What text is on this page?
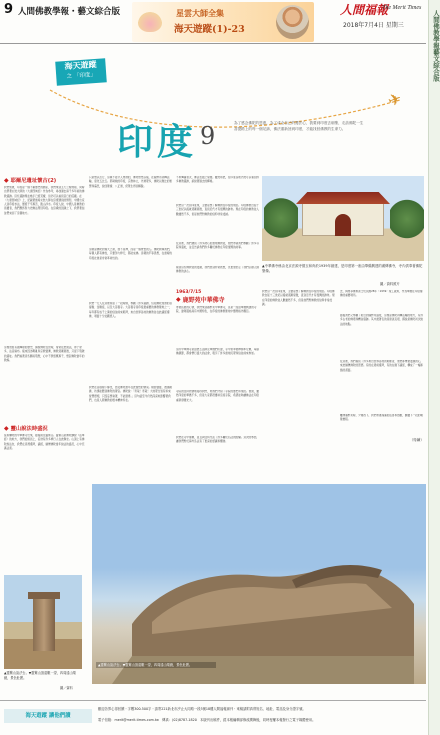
9 人間佛教學報・藝文綜合版	星雲大師全集
海天遊蹤(1)-23
人間福報
The Merit Times
2018年7月4日 星期三	人間佛教學報藝文綜合版
海天遊蹤
之 「印度」
✈
印度 9	為了感念佛陀的恩惠，為了成全自己的護法心，我要到印度去朝聖，走訪佛陀一生菩提路上的每一個足跡，佛法重新回到印度，才能找回佛教的生命力。
◆ 耶爾尼遺址懷古(2)
我們知道，印度是一個不重歷史的國家，我們來到五天竺聖地前，同時也帶著玄奘大師的《大唐西域記》作為參考，尋找過去兩千多年前的佛教遺跡。這些遺跡現在幾乎已經荒廢，但仍可以看到昔日的莊嚴。在《大唐西域記》上，記載著當時玄奘大師在這裡遇到的情形，中國出家人到印度求法，歷經千辛萬苦，跋山涉水。印度人說，中國人是佛教的延續者，我們應該努力把佛法帶回印度。在這樣的因緣之下，我帶著信徒們來到了這個地方。
這裡曾經有過輝煌的歷史，據說佛陀在世時，常常在此說法，弟子眾多，法音遍布。後來因為戰亂和宗教變遷，佛教逐漸衰微，只留下殘破的遺址。我們看著這些斷垣殘壁，心中不禁感慨萬千，想起佛陀當年的教誨。
◆ 靈山說法時盛況
從那爛陀的中華佛寺出來，隨後前往靈鷲山。靈鷲山是佛陀講說《法華經》的地方，我們拾級而上，沿途有許多修行人在此靜坐。山頂上有佛陀說法台，我們在這裡禮拜，誦經，緬懷佛陀當年說法的盛況，心中充滿法喜。
▲靈鷲山說法台。▼靈鷲山頂遠眺一望，四周遠山環繞，景色壯麗。
圖／資料
只是想以苦行，這樣不能令人得道的，佛陀覺悟以後，在鹿野苑初轉法輪，度化五比丘。那時候的印度，宗教林立，外道眾多，佛陀以無比的智慧和慈悲，說四聖諦、八正道，使眾生得到解脫。
這就是佛陀的偉大之處，他不是神，而是一個覺悟的人。佛陀教導我們，每個人都有佛性，只要努力修行，都能成佛。這樣的平等思想，在當時的印度社會是非常革命性的。
我們一行人在這裡停留了一段時間，參觀了許多遺跡，包括佛陀成道的菩提樹、金剛座，以及大菩提寺。大菩提寺是印度最重要的佛教聖地之一，每年都有成千上萬的信徒前來朝拜，來自世界各地的佛教徒在此誦經禮佛，場面十分壯觀感人。
我們在菩提樹下靜坐，感受佛陀當年在此證悟的情景。樹影婆娑，微風輕拂，彷彿能聽到佛陀的聲音。佛陀說：「奇哉！奇哉！大地眾生皆有如來智慧德相，只因妄想執著，不能證得。」這句話至今仍然深深地影響著我們，也是人間佛教的根本精神所在。
不再傳滿香火，佛法也隨之衰微。雖然如此，在印度各地仍然可以看到許多佛教遺跡，訴說著過去的輝煌。
我們這一次到印度來，主要是想了解佛教在印度的現況。印度佛教自從十三世紀以後就逐漸衰微，直到近代才有復興的跡象。現在印度的佛教徒人數雖然不多，但是他們對佛教的信仰非常虔誠。
在這裡，我們遇到了許多熱心的當地佛教徒，他們帶領我們參觀了許多寺院和遺址，並且告訴我們許多關於佛教在印度復興的故事。
看到這些佛教徒的虔誠，我們感到非常欣慰，也更加堅定了我們弘揚人間佛教的決心。
1963/7/15
◆ 鹿野苑中華佛寺
帶著拓展的心情，我們來到鹿野苑中華佛寺，這是一座由華僑興建的寺院，建築風格具有中國特色，在印度的佛教聖地中顯得格外醒目。
這所中華佛寺是由德玉法師及華僑們所建，寺中供奉著釋迦牟尼佛，每逢佛誕節，都會舉行盛大的法會，吸引了許多當地民眾和信徒前來參加。
寺院的住持熱情地接待我們，向我們介紹了寺院的歷史和現況。他說，雖然印度的華僑不多，但是大家都很護持這座寺院，希望能夠讓佛法在印度重新發揚光大。
我們在寺中禮佛，並且與住持交流了許多關於弘法的經驗。這次的參訪，讓我們對於海外弘法有了更深的認識和體會。
▲中華佛寺係由北京法源寺德玉和尚於1939年創建，是印度第一座由華僑興建的漢傳佛寺，寺內供奉著佛陀聖像。
圖／資料照片
去，終得享佛來善士於民國28年（1939）竣工啟用，作為華僑在印度禮佛的重要場所。
隨後我們又參觀了附近的鹿野苑遺址，這裡是佛陀初轉法輪的地方，有許多古老的佛塔和精舍遺跡。其中最著名的是達美克塔，據說是佛陀初次說法的地點。
在這裡，我們看到了許多來自世界各地的朝聖者，他們都懷著虔誠的心，來此緬懷佛陀的恩德。有的在塔前禮拜，有的在樹下誦經，構成了一幅和諧的畫面。
離開鹿野苑時，夕陽西下，我們帶著滿滿的法喜和感動，繼續下一段的朝聖旅程。
（待續）
我們這一次到印度來，主要是想了解佛教在印度的現況。印度佛教自從十三世紀以後就逐漸衰微，直到近代才有復興的跡象。現在印度的佛教徒人數雖然不多，但是他們對佛教的信仰非常虔誠。
▲靈鷲山說法台。▼靈鷲山頂遠眺一望，四周遠山環繞，景色壯麗。
海天遊蹤 讓他們讀
歡迎各界心得回饋・字數300-500字・請寄221新北市汐止大同路一段3號18樓人間福報副刊・來稿請附真實姓名、地址、電話及身分證字號。
電子信箱：merit@merit-times.com.tw　傳真：(02)8787-1820　本版刊出稿件，經本報編輯部修改潤飾後，同時授權本報發行之電子媒體使用。
